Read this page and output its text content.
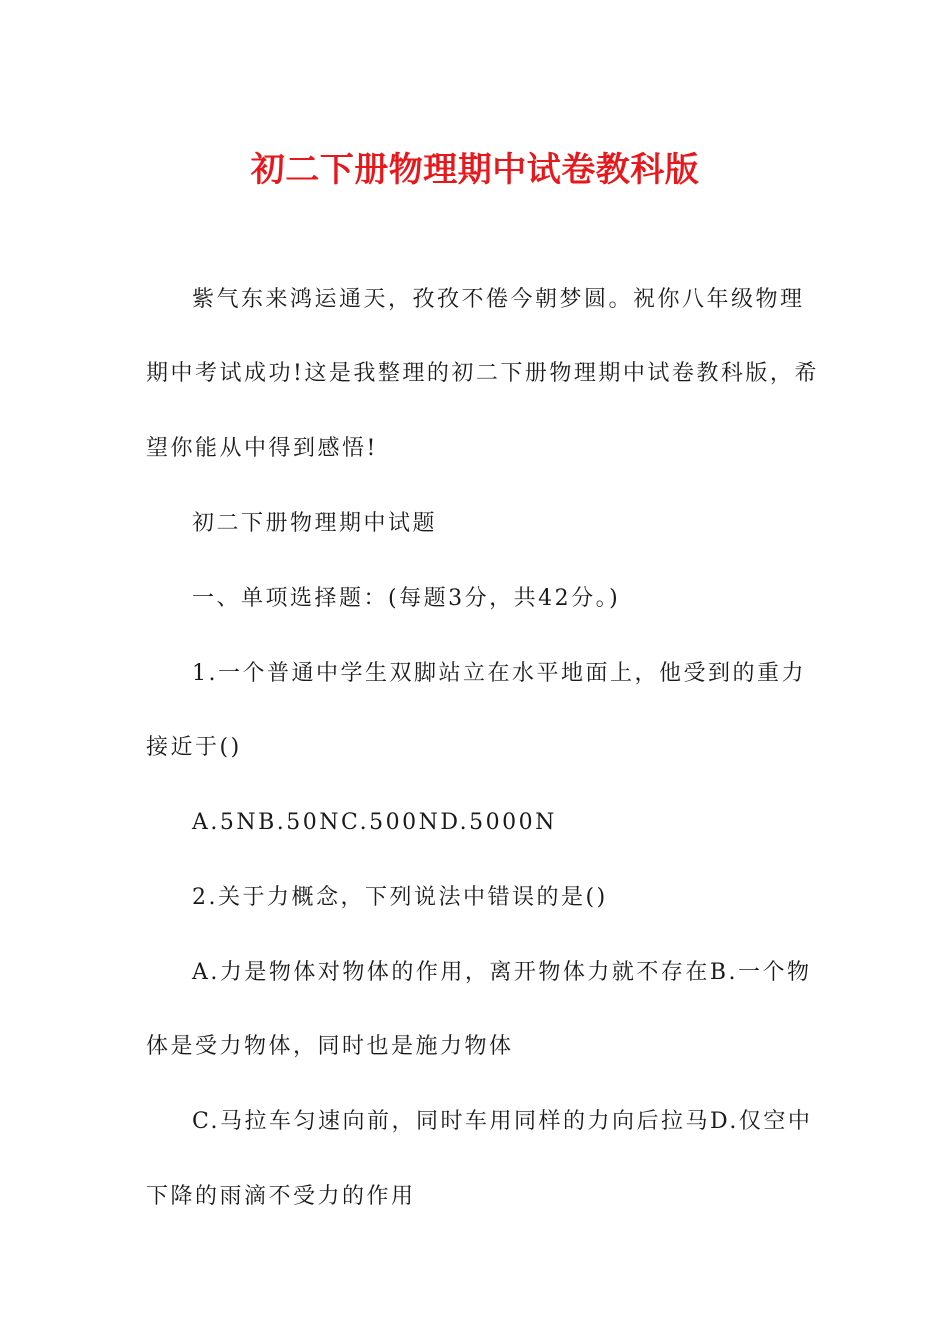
初二下册物理期中试卷教科版
紫气东来鸿运通天，孜孜不倦今朝梦圆。祝你八年级物理
期中考试成功!这是我整理的初二下册物理期中试卷教科版，希
望你能从中得到感悟!
初二下册物理期中试题
一、单项选择题：(每题3分，共42分。)
1.一个普通中学生双脚站立在水平地面上，他受到的重力
接近于()
A.5NB.50NC.500ND.5000N
2.关于力概念，下列说法中错误的是()
A.力是物体对物体的作用，离开物体力就不存在B.一个物
体是受力物体，同时也是施力物体
C.马拉车匀速向前，同时车用同样的力向后拉马D.仅空中
下降的雨滴不受力的作用
